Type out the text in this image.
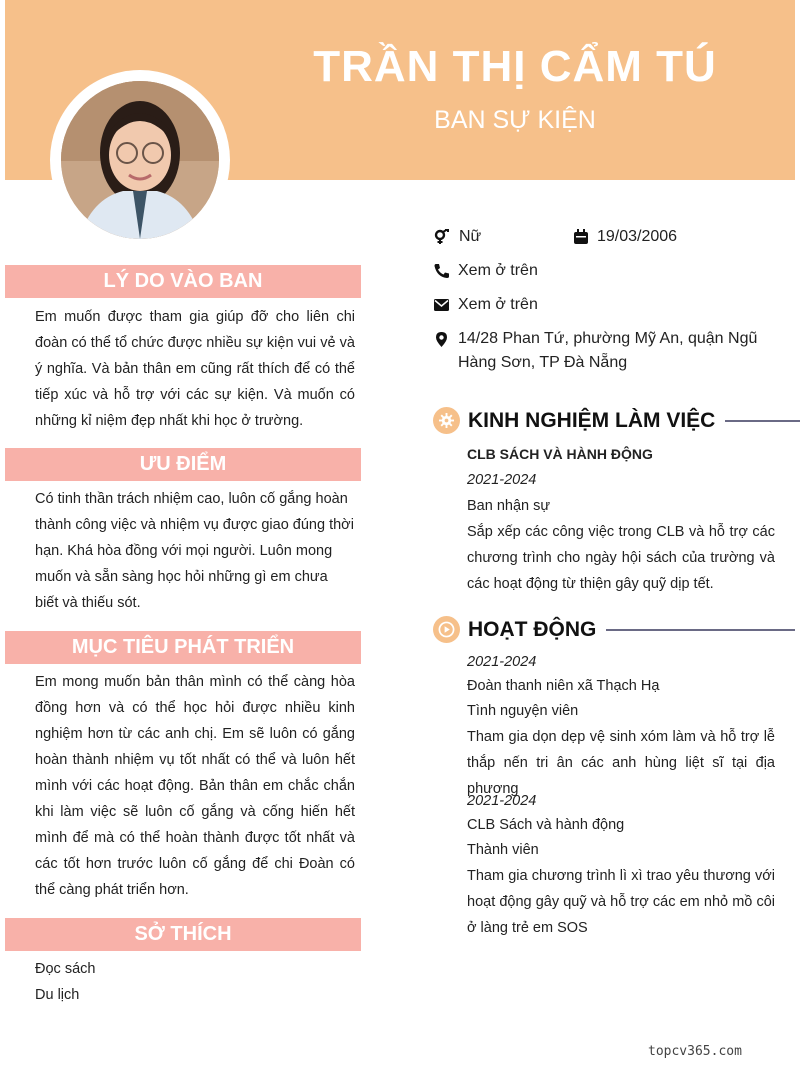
TRẦN THỊ CẨM TÚ
BAN SỰ KIỆN
LÝ DO VÀO BAN
Em muốn được tham gia giúp đỡ cho liên chi đoàn có thể tổ chức được nhiều sự kiện vui vẻ và ý nghĩa. Và bản thân em cũng rất thích để có thể tiếp xúc và hỗ trợ với các sự kiện. Và muốn có những kỉ niệm đẹp nhất khi học ở trường.
ƯU ĐIỂM
Có tinh thần trách nhiệm cao, luôn cố gắng hoàn thành công việc và nhiệm vụ được giao đúng thời hạn. Khá hòa đồng với mọi người. Luôn mong muốn và sẵn sàng học hỏi những gì em chưa biết và thiếu sót.
MỤC TIÊU PHÁT TRIỂN
Em mong muốn bản thân mình có thể càng hòa đồng hơn và có thể học hỏi được nhiều kinh nghiệm hơn từ các anh chị. Em sẽ luôn có gắng hoàn thành nhiệm vụ tốt nhất có thể và luôn hết mình với các hoạt động. Bản thân em chắc chắn khi làm việc sẽ luôn cố gắng và cống hiến hết mình để mà có thể hoàn thành được tốt nhất và các tốt hơn trước luôn cố gắng để chi Đoàn có thể càng phát triển hơn.
SỞ THÍCH
Đọc sách
Du lịch
Nữ	19/03/2006
Xem ở trên
Xem ở trên
14/28 Phan Tứ, phường Mỹ An, quận Ngũ
Hàng Sơn, TP Đà Nẵng
KINH NGHIỆM LÀM VIỆC
CLB SÁCH VÀ HÀNH ĐỘNG
2021-2024
Ban nhận sự
Sắp xếp các công việc trong CLB và hỗ trợ các chương trình cho ngày hội sách của trường và các hoạt động từ thiện gây quỹ dịp tết.
HOẠT ĐỘNG
2021-2024
Đoàn thanh niên xã Thạch Hạ
Tình nguyện viên
Tham gia dọn dẹp vệ sinh xóm làm và hỗ trợ lễ thắp nến tri ân các anh hùng liệt sĩ tại địa phương
2021-2024
CLB Sách và hành động
Thành viên
Tham gia chương trình lì xì trao yêu thương với hoạt động gây quỹ và hỗ trợ các em nhỏ mồ côi ở làng trẻ em SOS
topcv365.com
